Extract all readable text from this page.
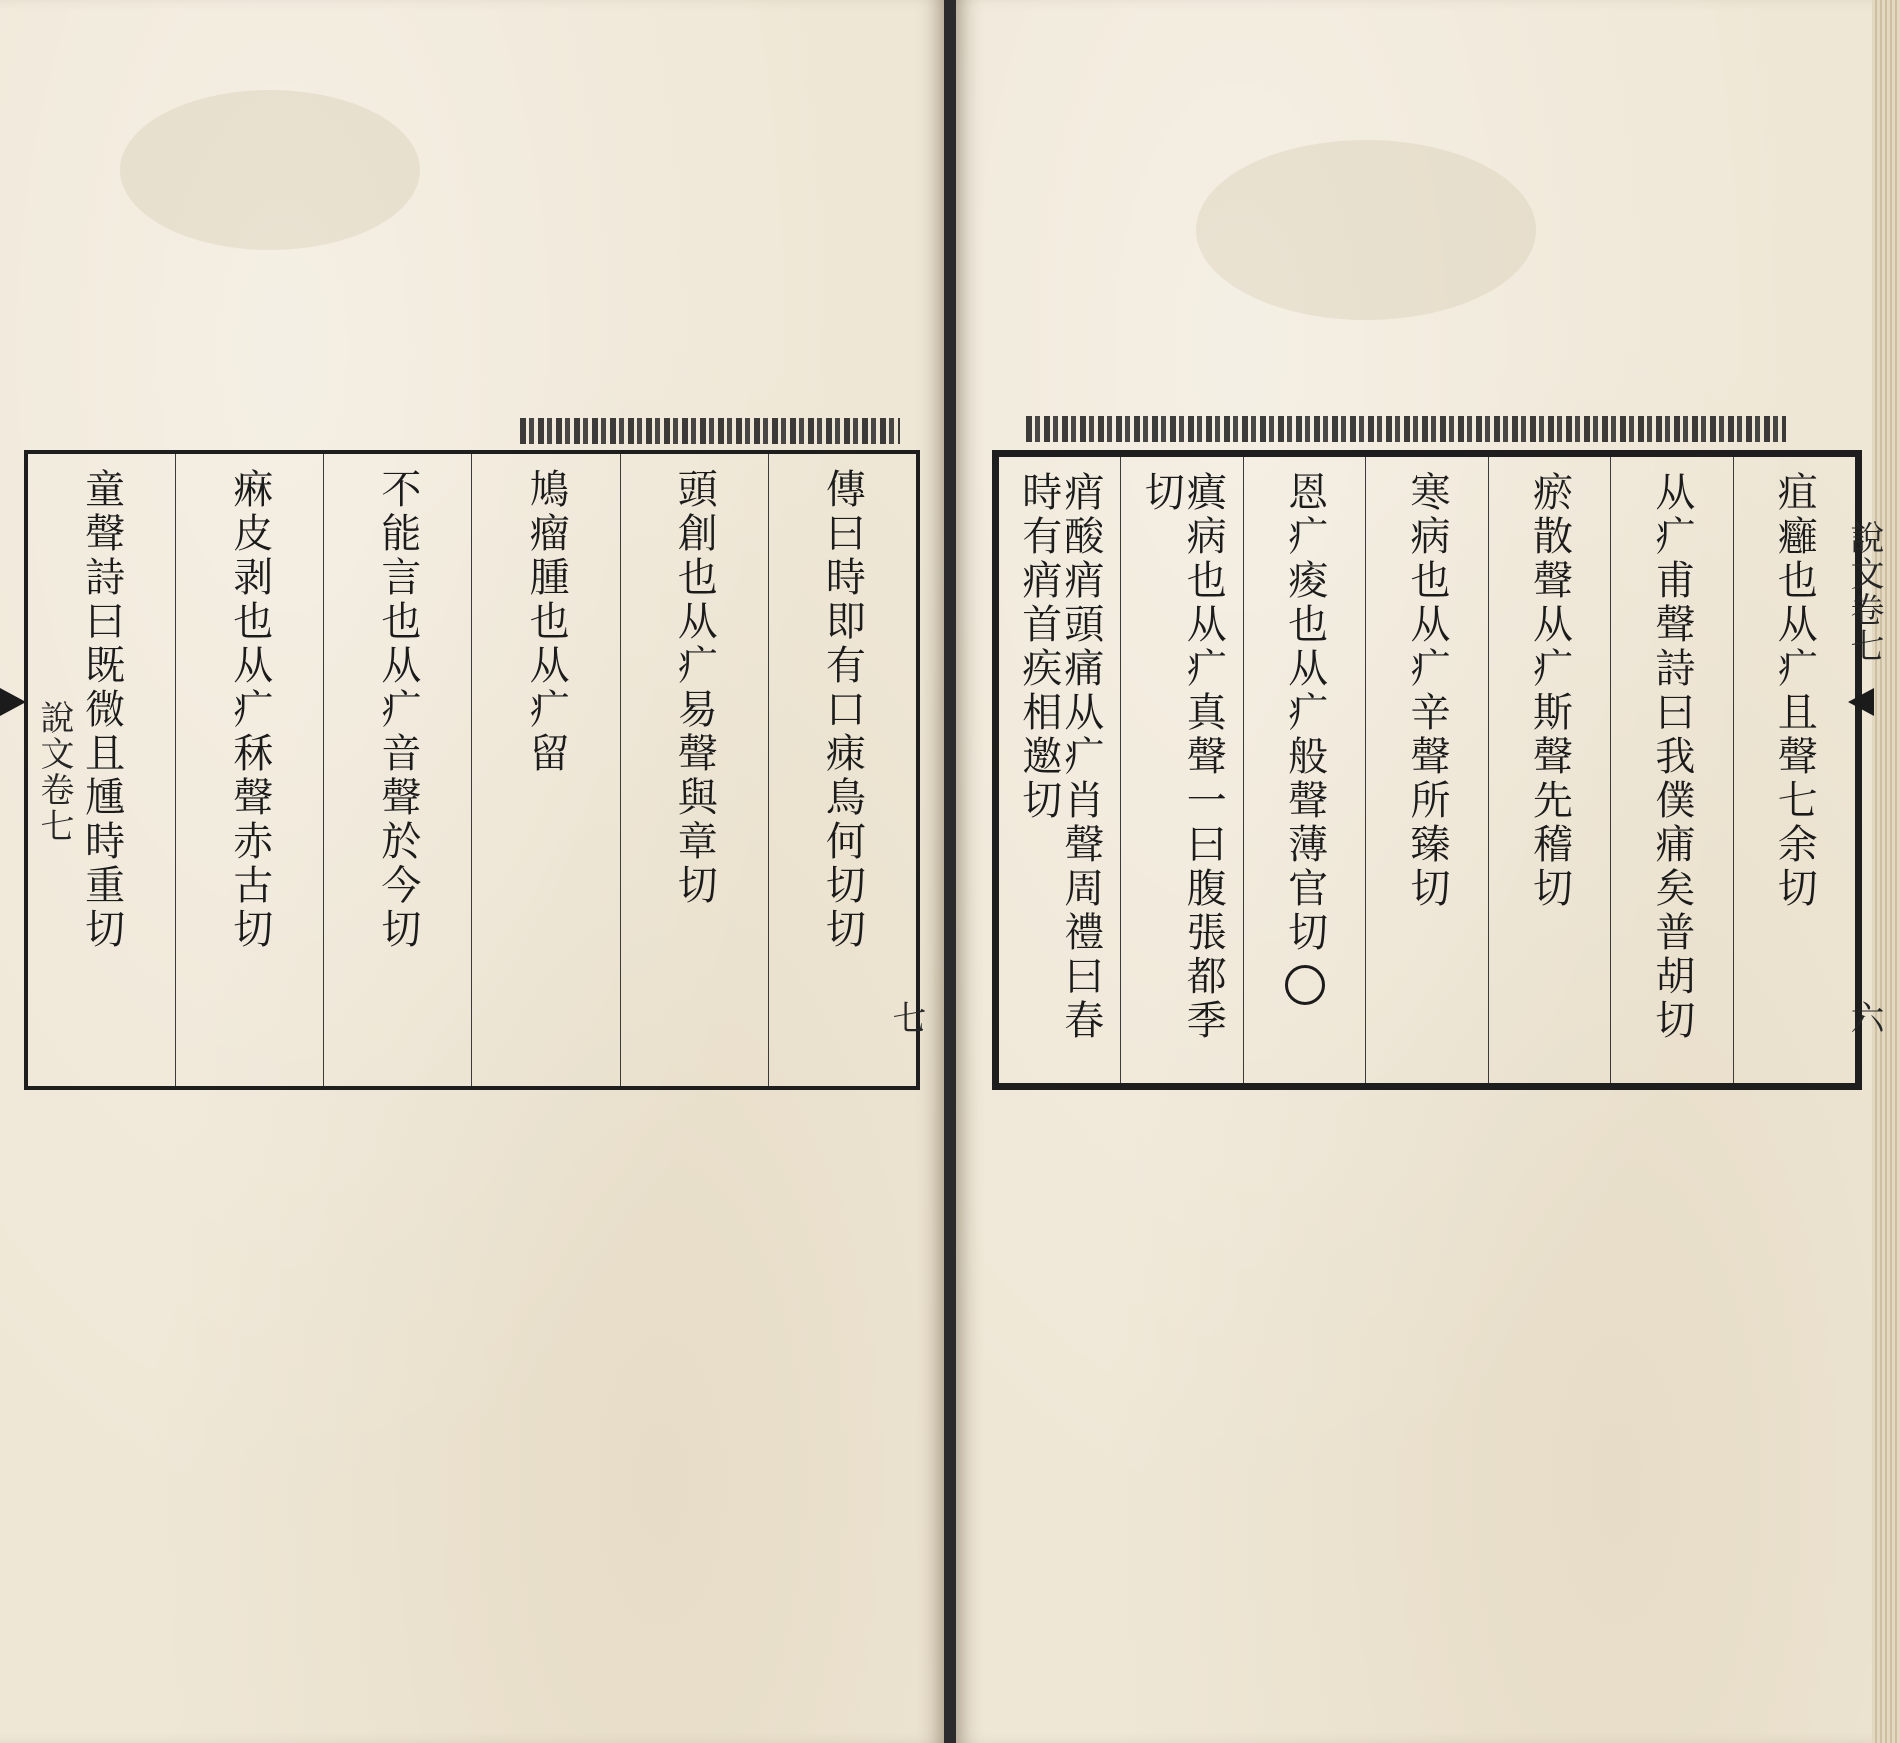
傳曰時即有口㾊鳥何切切
頭創也从疒易聲與章切
鳩瘤腫也从疒留
不能言也从疒音聲於今切
痳皮剥也从疒秝聲赤古切
童聲詩曰既微且尰時重切
說文卷七
七
疽癰也从疒且聲七余切
从疒甫聲詩曰我僕痡矣普胡切
瘀散聲从疒斯聲先稽切
寒病也从疒辛聲所臻切
恩疒痠也从疒般聲薄官切
瘨病也从疒真聲一曰腹張都季切
痟酸痟頭痛从疒肖聲周禮曰春時有痟首疾相邀切	說文卷七
六
